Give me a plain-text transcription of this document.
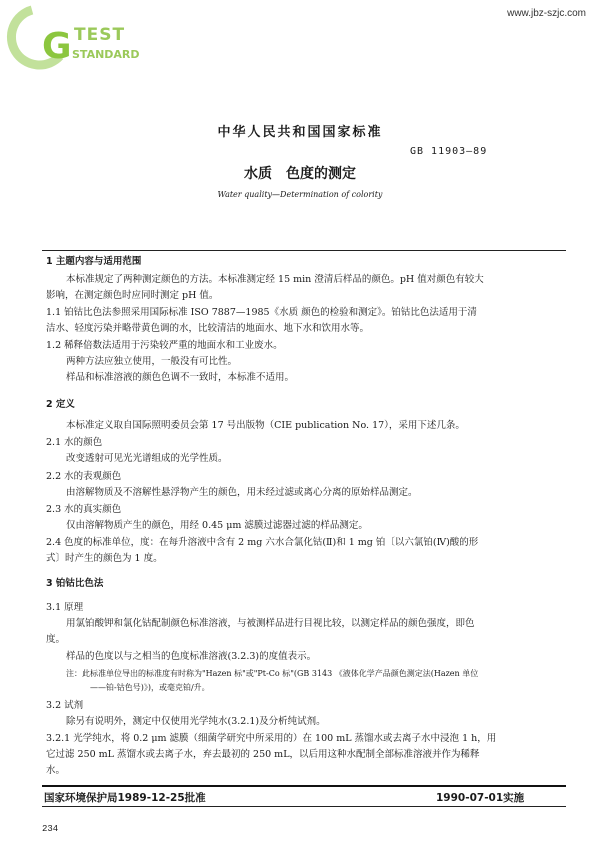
G TEST
STANDARD
www.jbz-szjc.com
中华人民共和国国家标准
GB 11903—89
水质 色度的测定
Water quality—Determination of colority
1 主题内容与适用范围
本标准规定了两种测定颜色的方法。本标准测定经 15 min 澄清后样品的颜色。pH 值对颜色有较大
影响，在测定颜色时应同时测定 pH 值。
1.1 铂钴比色法参照采用国际标准 ISO 7887—1985《水质 颜色的检验和测定》。铂钴比色法适用于清
洁水、轻度污染并略带黄色调的水，比较清洁的地面水、地下水和饮用水等。
1.2 稀释倍数法适用于污染较严重的地面水和工业废水。
两种方法应独立使用，一般没有可比性。
样品和标准溶液的颜色色调不一致时，本标准不适用。
2 定义
本标准定义取自国际照明委员会第 17 号出版物（CIE publication No. 17），采用下述几条。
2.1 水的颜色
改变透射可见光光谱组成的光学性质。
2.2 水的表观颜色
由溶解物质及不溶解性悬浮物产生的颜色，用未经过滤或离心分离的原始样品测定。
2.3 水的真实颜色
仅由溶解物质产生的颜色，用经 0.45 μm 滤膜过滤器过滤的样品测定。
2.4 色度的标准单位，度：在每升溶液中含有 2 mg 六水合氯化钴(Ⅱ)和 1 mg 铂〔以六氯铂(Ⅳ)酸的形
式〕时产生的颜色为 1 度。
3 铂钴比色法
3.1 原理
用氯铂酸钾和氯化钴配制颜色标准溶液，与被测样品进行目视比较，以测定样品的颜色强度，即色
度。
样品的色度以与之相当的色度标准溶液(3.2.3)的度值表示。
注：此标准单位导出的标准度有时称为"Hazen 标"或"Pt-Co 标"(GB 3143 《液体化学产品颜色测定法(Hazen 单位
——铂-钴色号)》)，或毫克铂/升。
3.2 试剂
除另有说明外，测定中仅使用光学纯水(3.2.1)及分析纯试剂。
3.2.1 光学纯水，将 0.2 μm 滤膜（细菌学研究中所采用的）在 100 mL 蒸馏水或去离子水中浸泡 1 h，用
它过滤 250 mL 蒸馏水或去离子水，弃去最初的 250 mL，以后用这种水配制全部标准溶液并作为稀释
水。
国家环境保护局1989-12-25批准	1990-07-01实施
234
